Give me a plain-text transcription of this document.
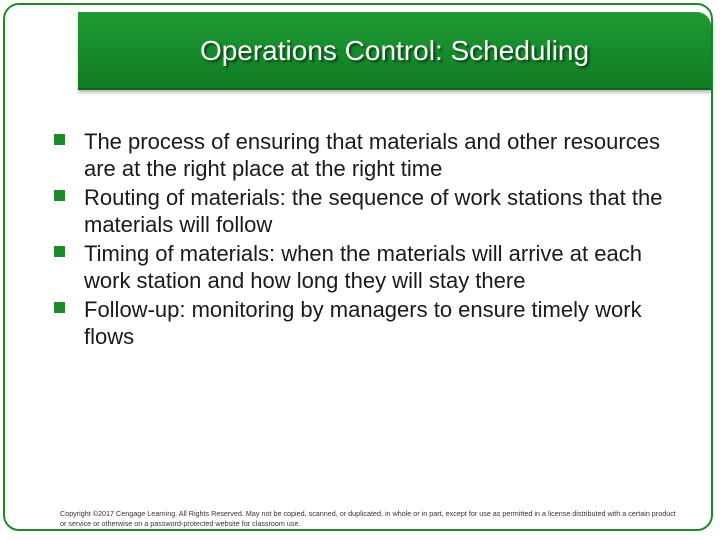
Operations Control: Scheduling
The process of ensuring that materials and other resources are at the right place at the right time
Routing of materials: the sequence of work stations that the materials will follow
Timing of materials: when the materials will arrive at each work station and how long they will stay there
Follow-up: monitoring by managers to ensure timely work flows
Copyright ©2017 Cengage Learning. All Rights Reserved. May not be copied, scanned, or duplicated, in whole or in part, except for use as permitted in a license distributed with a certain product or service or otherwise on a password-protected website for classroom use.
